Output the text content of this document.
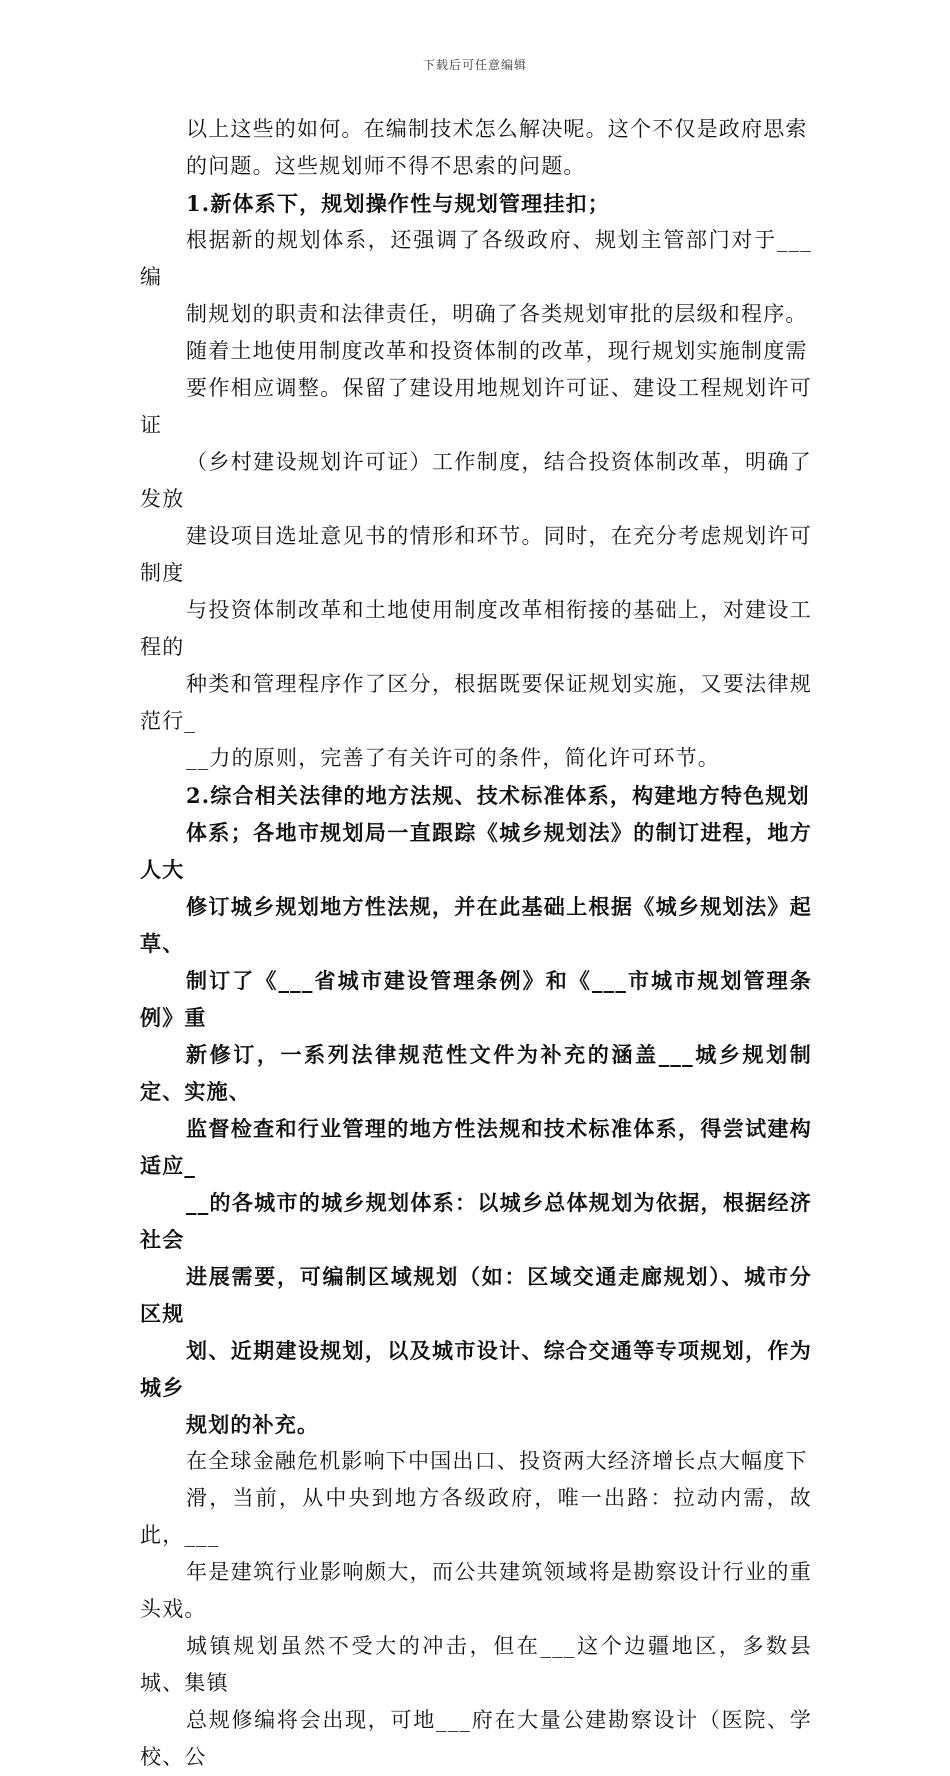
下载后可任意编辑

以上这些的如何。在编制技术怎么解决呢。这个不仅是政府思索
的问题。这些规划师不得不思索的问题。

1.新体系下，规划操作性与规划管理挂扣；

根据新的规划体系，还强调了各级政府、规划主管部门对于___编
制规划的职责和法律责任，明确了各类规划审批的层级和程序。

随着土地使用制度改革和投资体制的改革，现行规划实施制度需
要作相应调整。保留了建设用地规划许可证、建设工程规划许可证
（乡村建设规划许可证）工作制度，结合投资体制改革，明确了发放
建设项目选址意见书的情形和环节。同时，在充分考虑规划许可制度
与投资体制改革和土地使用制度改革相衔接的基础上，对建设工程的
种类和管理程序作了区分，根据既要保证规划实施，又要法律规范行_
__力的原则，完善了有关许可的条件，简化许可环节。

2.综合相关法律的地方法规、技术标准体系，构建地方特色规划
体系；各地市规划局一直跟踪《城乡规划法》的制订进程，地方人大
修订城乡规划地方性法规，并在此基础上根据《城乡规划法》起草、
制订了《___省城市建设管理条例》和《___市城市规划管理条例》重
新修订，一系列法律规范性文件为补充的涵盖___城乡规划制定、实施、
监督检查和行业管理的地方性法规和技术标准体系，得尝试建构适应_
__的各城市的城乡规划体系：以城乡总体规划为依据，根据经济社会
进展需要，可编制区域规划（如：区域交通走廊规划）、城市分区规
划、近期建设规划，以及城市设计、综合交通等专项规划，作为城乡
规划的补充。

在全球金融危机影响下中国出口、投资两大经济增长点大幅度下
滑，当前，从中央到地方各级政府，唯一出路：拉动内需，故此，___
年是建筑行业影响颇大，而公共建筑领域将是勘察设计行业的重头戏。
城镇规划虽然不受大的冲击，但在___这个边疆地区，多数县城、集镇
总规修编将会出现，可地___府在大量公建勘察设计（医院、学校、公
